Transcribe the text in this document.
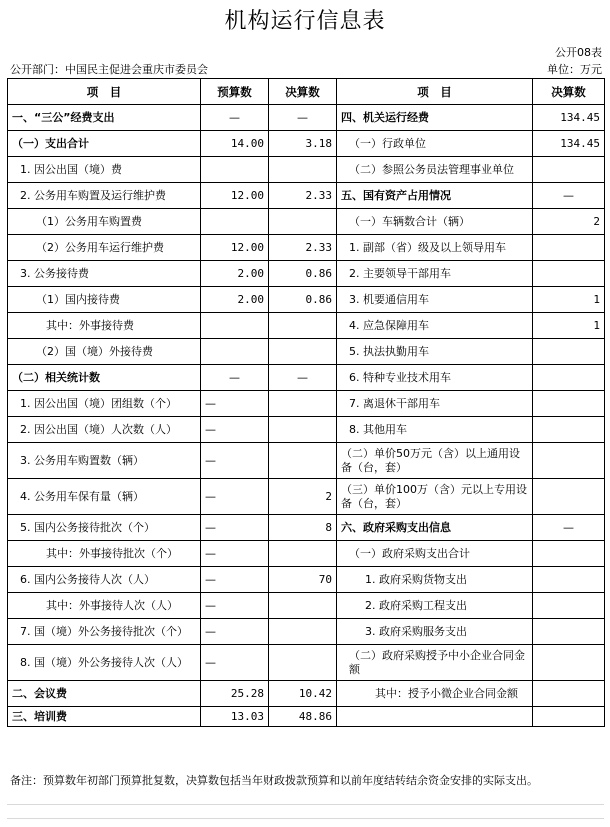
机构运行信息表
公开08表
公开部门：中国民主促进会重庆市委员会	单位：万元
项　目	预算数	决算数	项　目	决算数
一、“三公”经费支出	—	—	四、机关运行经费	134.45
（一）支出合计	14.00	3.18	（一）行政单位	134.45
1. 因公出国（境）费			（二）参照公务员法管理事业单位	
2. 公务用车购置及运行维护费	12.00	2.33	五、国有资产占用情况	—
（1）公务用车购置费			（一）车辆数合计（辆）	2
（2）公务用车运行维护费	12.00	2.33	1. 副部（省）级及以上领导用车	
3. 公务接待费	2.00	0.86	2. 主要领导干部用车	
（1）国内接待费	2.00	0.86	3. 机要通信用车	1
其中：外事接待费			4. 应急保障用车	1
（2）国（境）外接待费			5. 执法执勤用车	
（二）相关统计数	—	—	6. 特种专业技术用车	
1. 因公出国（境）团组数（个）	—		7. 离退休干部用车	
2. 因公出国（境）人次数（人）	—		8. 其他用车	
3. 公务用车购置数（辆）	—		（二）单价50万元（含）以上通用设备（台，套）	
4. 公务用车保有量（辆）	—	2	（三）单价100万（含）元以上专用设备（台，套）	
5. 国内公务接待批次（个）	—	8	六、政府采购支出信息	—
其中：外事接待批次（个）	—		（一）政府采购支出合计	
6. 国内公务接待人次（人）	—	70	1. 政府采购货物支出	
其中：外事接待人次（人）	—		2. 政府采购工程支出	
7. 国（境）外公务接待批次（个）	—		3. 政府采购服务支出	
8. 国（境）外公务接待人次（人）	—		（二）政府采购授予中小企业合同金额	
二、会议费	25.28	10.42	其中：授予小微企业合同金额	
三、培训费	13.03	48.86		
备注：预算数年初部门预算批复数，决算数包括当年财政拨款预算和以前年度结转结余资金安排的实际支出。
